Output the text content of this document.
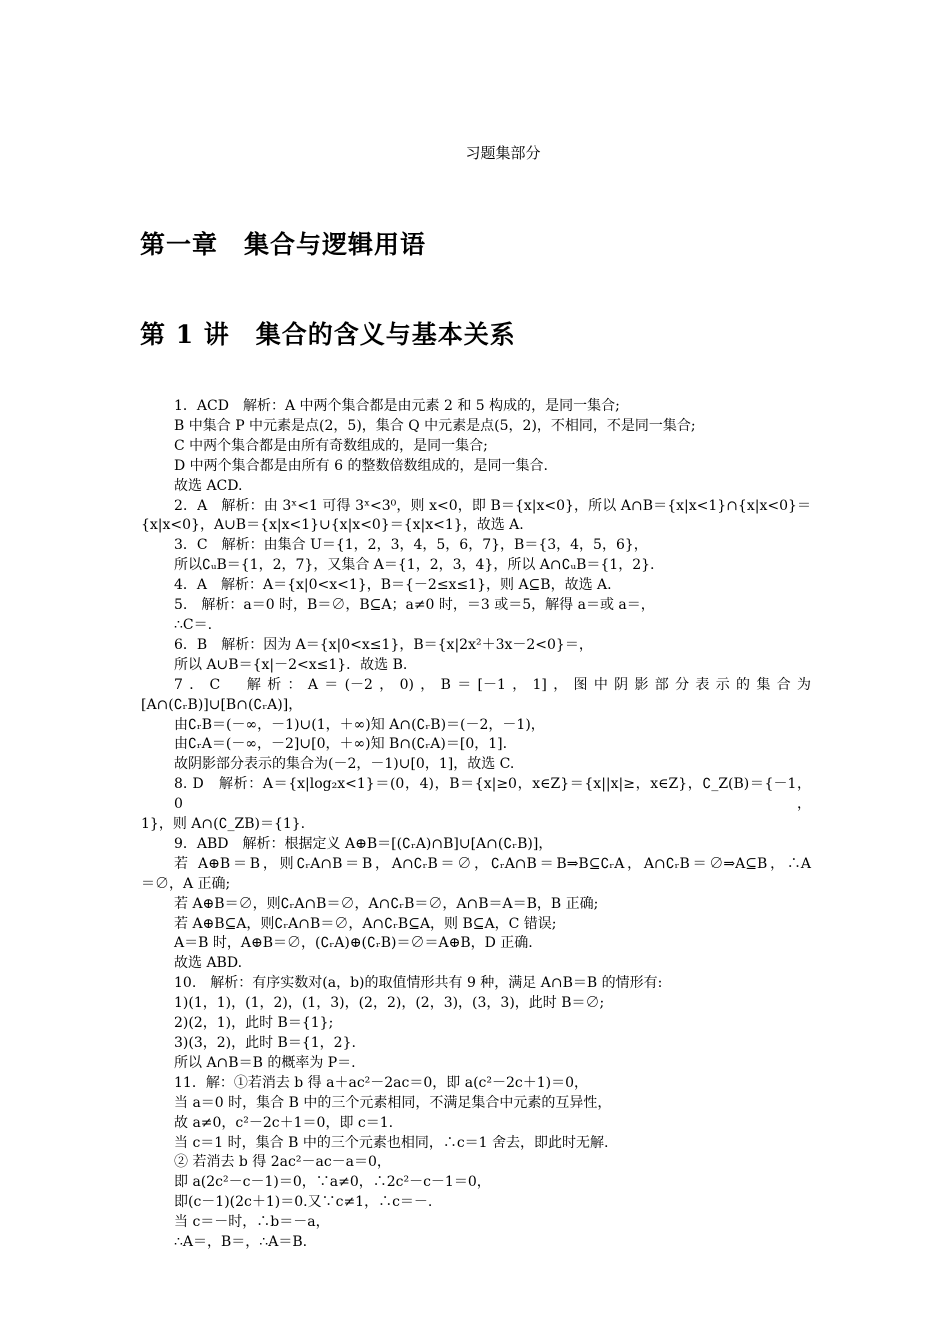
习题集部分
第一章　集合与逻辑用语
第 1 讲　集合的含义与基本关系
1．ACD　解析：A 中两个集合都是由元素 2 和 5 构成的，是同一集合;
B 中集合 P 中元素是点(2，5)，集合 Q 中元素是点(5，2)，不相同，不是同一集合;
C 中两个集合都是由所有奇数组成的，是同一集合;
D 中两个集合都是由所有 6 的整数倍数组成的，是同一集合.
故选 ACD.
2．A　解析：由 3ˣ<1 可得 3ˣ<3⁰，则 x<0，即 B＝{x|x<0}，所以 A∩B＝{x|x<1}∩{x|x<0}＝
{x|x<0}，A∪B＝{x|x<1}∪{x|x<0}＝{x|x<1}，故选 A.
3．C　解析：由集合 U＝{1，2，3，4，5，6，7}，B＝{3，4，5，6}，
所以∁ᵤB＝{1，2，7}，又集合 A＝{1，2，3，4}，所以 A∩∁ᵤB＝{1，2}.
4．A　解析：A＝{x|0<x<1}，B＝{－2≤x≤1}，则 A⊆B，故选 A.
5.　解析：a＝0 时，B＝∅，B⊆A；a≠0 时，＝3 或＝5，解得 a＝或 a＝，
∴C＝.
6．B　解析：因为 A＝{x|0<x≤1}，B＝{x|2x²＋3x－2<0}＝，
所以 A∪B＝{x|－2<x≤1}．故选 B.
7．C　解析：A＝(－2，0)，B＝[－1，1]，图中阴影部分表示的集合为
[A∩(∁ᵣB)]∪[B∩(∁ᵣA)]，
由∁ᵣB＝(－∞，－1)∪(1，＋∞)知 A∩(∁ᵣB)＝(－2，－1)，
由∁ᵣA＝(－∞，－2]∪[0，＋∞)知 B∩(∁ᵣA)＝[0，1].
故阴影部分表示的集合为(－2，－1)∪[0，1]，故选 C.
8. D　解析：A＝{x|log₂x<1}＝(0，4)，B＝{x|≥0，x∈Z}＝{x||x|≥，x∈Z}，∁_Z(B)＝{－1，0，
1}，则 A∩(∁_ZB)＝{1}.
9．ABD　解析：根据定义 A⊕B＝[(∁ᵣA)∩B]∪[A∩(∁ᵣB)]，
若 A⊕B＝B，则∁ᵣA∩B＝B，A∩∁ᵣB＝∅，∁ᵣA∩B＝B⇒B⊆∁ᵣA，A∩∁ᵣB＝∅⇒A⊆B，∴A
＝∅，A 正确;
若 A⊕B＝∅，则∁ᵣA∩B＝∅，A∩∁ᵣB＝∅，A∩B＝A＝B，B 正确;
若 A⊕B⊆A，则∁ᵣA∩B＝∅，A∩∁ᵣB⊆A，则 B⊆A，C 错误;
A＝B 时，A⊕B＝∅，(∁ᵣA)⊕(∁ᵣB)＝∅＝A⊕B，D 正确.
故选 ABD.
10.　解析：有序实数对(a，b)的取值情形共有 9 种，满足 A∩B＝B 的情形有:
1)(1，1)，(1，2)，(1，3)，(2，2)，(2，3)，(3，3)，此时 B＝∅;
2)(2，1)，此时 B＝{1};
3)(3，2)，此时 B＝{1，2}.
所以 A∩B＝B 的概率为 P＝.
11．解：①若消去 b 得 a＋ac²－2ac＝0，即 a(c²－2c＋1)＝0，
当 a＝0 时，集合 B 中的三个元素相同，不满足集合中元素的互异性，
故 a≠0，c²－2c＋1＝0，即 c＝1.
当 c＝1 时，集合 B 中的三个元素也相同，∴c＝1 舍去，即此时无解.
② 若消去 b 得 2ac²－ac－a＝0，
即 a(2c²－c－1)＝0，∵a≠0，∴2c²－c－1＝0，
即(c－1)(2c＋1)＝0.又∵c≠1，∴c＝－.
当 c＝－时，∴b＝－a，
∴A＝，B＝，∴A＝B.
